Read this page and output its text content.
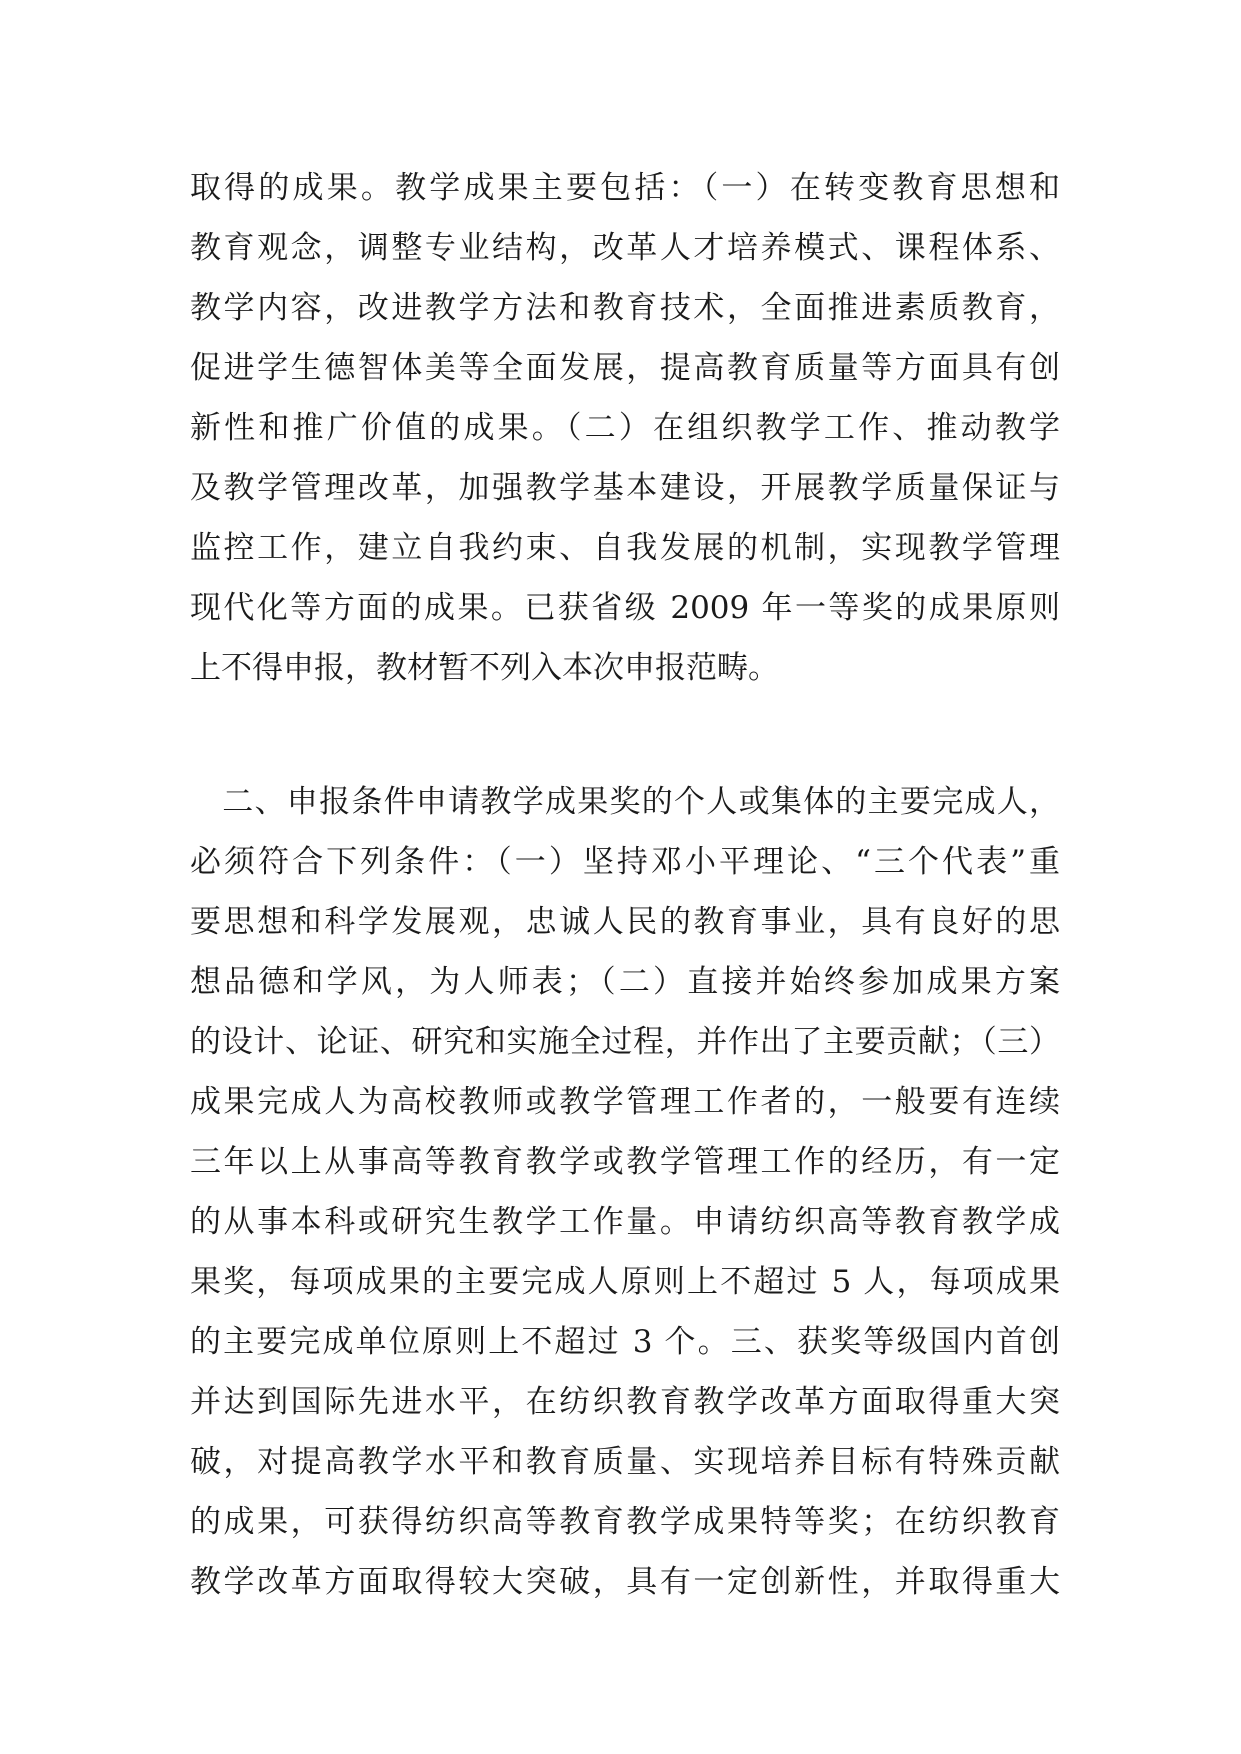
取得的成果。教学成果主要包括：（一）在转变教育思想和
教育观念，调整专业结构，改革人才培养模式、课程体系、
教学内容，改进教学方法和教育技术，全面推进素质教育，
促进学生德智体美等全面发展，提高教育质量等方面具有创
新性和推广价值的成果。（二）在组织教学工作、推动教学
及教学管理改革，加强教学基本建设，开展教学质量保证与
监控工作，建立自我约束、自我发展的机制，实现教学管理
现代化等方面的成果。已获省级 2009 年一等奖的成果原则
上不得申报，教材暂不列入本次申报范畴。
　二、申报条件申请教学成果奖的个人或集体的主要完成人，
必须符合下列条件：（一）坚持邓小平理论、“三个代表”重
要思想和科学发展观，忠诚人民的教育事业，具有良好的思
想品德和学风，为人师表；（二）直接并始终参加成果方案
的设计、论证、研究和实施全过程，并作出了主要贡献；（三）
成果完成人为高校教师或教学管理工作者的，一般要有连续
三年以上从事高等教育教学或教学管理工作的经历，有一定
的从事本科或研究生教学工作量。申请纺织高等教育教学成
果奖，每项成果的主要完成人原则上不超过 5 人，每项成果
的主要完成单位原则上不超过 3 个。三、获奖等级国内首创
并达到国际先进水平，在纺织教育教学改革方面取得重大突
破，对提高教学水平和教育质量、实现培养目标有特殊贡献
的成果，可获得纺织高等教育教学成果特等奖；在纺织教育
教学改革方面取得较大突破，具有一定创新性，并取得重大
